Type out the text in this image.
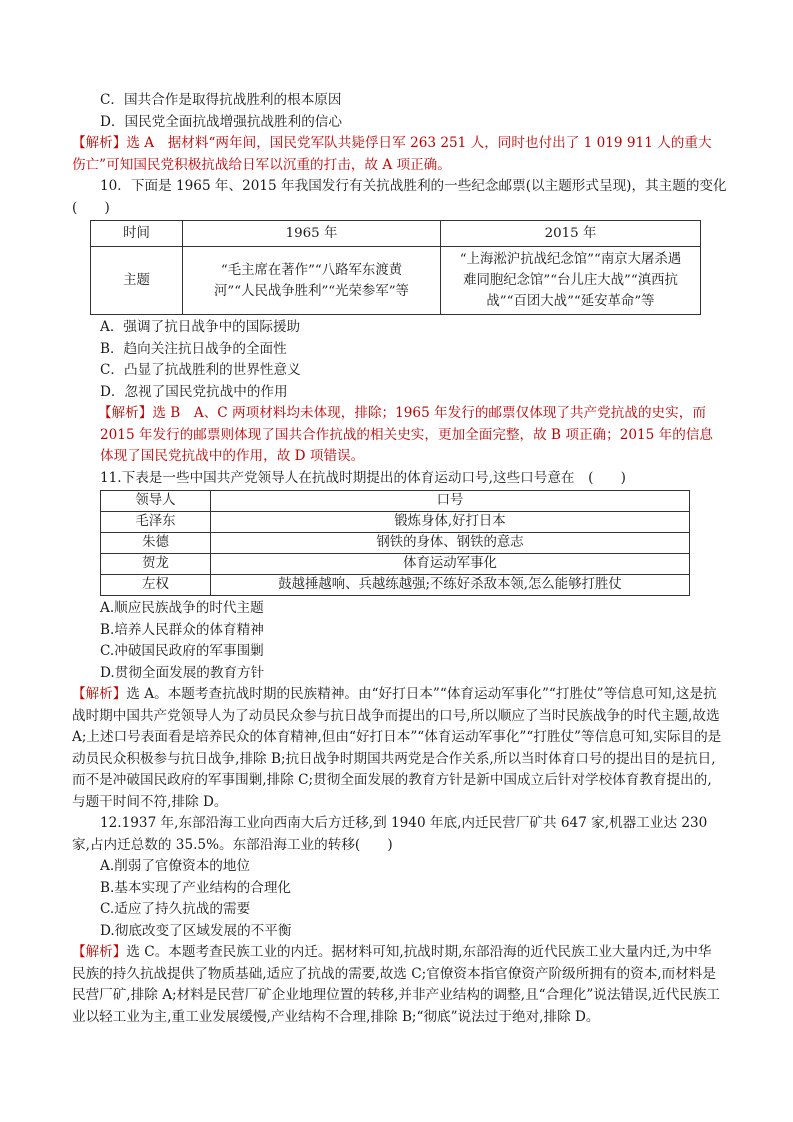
C．国共合作是取得抗战胜利的根本原因
D．国民党全面抗战增强抗战胜利的信心
【解析】选 A　据材料“两年间，国民党军队共毙俘日军 263 251 人，同时也付出了 1 019 911 人的重大
伤亡”可知国民党积极抗战给日军以沉重的打击，故 A 项正确。
10．下面是 1965 年、2015 年我国发行有关抗战胜利的一些纪念邮票(以主题形式呈现)，其主题的变化
(　　)
时间	1965 年	2015 年
主题	“毛主席在著作”“八路军东渡黄河”“人民战争胜利”“光荣参军”等	“上海淞沪抗战纪念馆”“南京大屠杀遇难同胞纪念馆”“台儿庄大战”“滇西抗战”“百团大战”“延安革命”等
A．强调了抗日战争中的国际援助
B．趋向关注抗日战争的全面性
C．凸显了抗战胜利的世界性意义
D．忽视了国民党抗战中的作用
【解析】选 B　A、C 两项材料均未体现，排除；1965 年发行的邮票仅体现了共产党抗战的史实，而 2015 年发行的邮票则体现了国共合作抗战的相关史实，更加全面完整，故 B 项正确；2015 年的信息体现了国民党抗战中的作用，故 D 项错误。
11.下表是一些中国共产党领导人在抗战时期提出的体育运动口号,这些口号意在　(　　)
领导人	口号
毛泽东	锻炼身体,好打日本
朱德	钢铁的身体、钢铁的意志
贺龙	体育运动军事化
左权	鼓越捶越响、兵越练越强;不练好杀敌本领,怎么能够打胜仗
A.顺应民族战争的时代主题
B.培养人民群众的体育精神
C.冲破国民政府的军事围剿
D.贯彻全面发展的教育方针
【解析】选 A。本题考查抗战时期的民族精神。由“好打日本”“体育运动军事化”“打胜仗”等信息可知,这是抗战时期中国共产党领导人为了动员民众参与抗日战争而提出的口号,所以顺应了当时民族战争的时代主题,故选 A;上述口号表面看是培养民众的体育精神,但由“好打日本”“体育运动军事化”“打胜仗”等信息可知,实际目的是动员民众积极参与抗日战争,排除 B;抗日战争时期国共两党是合作关系,所以当时体育口号的提出目的是抗日,而不是冲破国民政府的军事围剿,排除 C;贯彻全面发展的教育方针是新中国成立后针对学校体育教育提出的,与题干时间不符,排除 D。
12.1937 年,东部沿海工业向西南大后方迁移,到 1940 年底,内迁民营厂矿共 647 家,机器工业达 230 家,占内迁总数的 35.5%。东部沿海工业的转移(　　)
A.削弱了官僚资本的地位
B.基本实现了产业结构的合理化
C.适应了持久抗战的需要
D.彻底改变了区域发展的不平衡
【解析】选 C。本题考查民族工业的内迁。据材料可知,抗战时期,东部沿海的近代民族工业大量内迁,为中华民族的持久抗战提供了物质基础,适应了抗战的需要,故选 C;官僚资本指官僚资产阶级所拥有的资本,而材料是民营厂矿,排除 A;材料是民营厂矿企业地理位置的转移,并非产业结构的调整,且“合理化”说法错误,近代民族工业以轻工业为主,重工业发展缓慢,产业结构不合理,排除 B;“彻底”说法过于绝对,排除 D。
